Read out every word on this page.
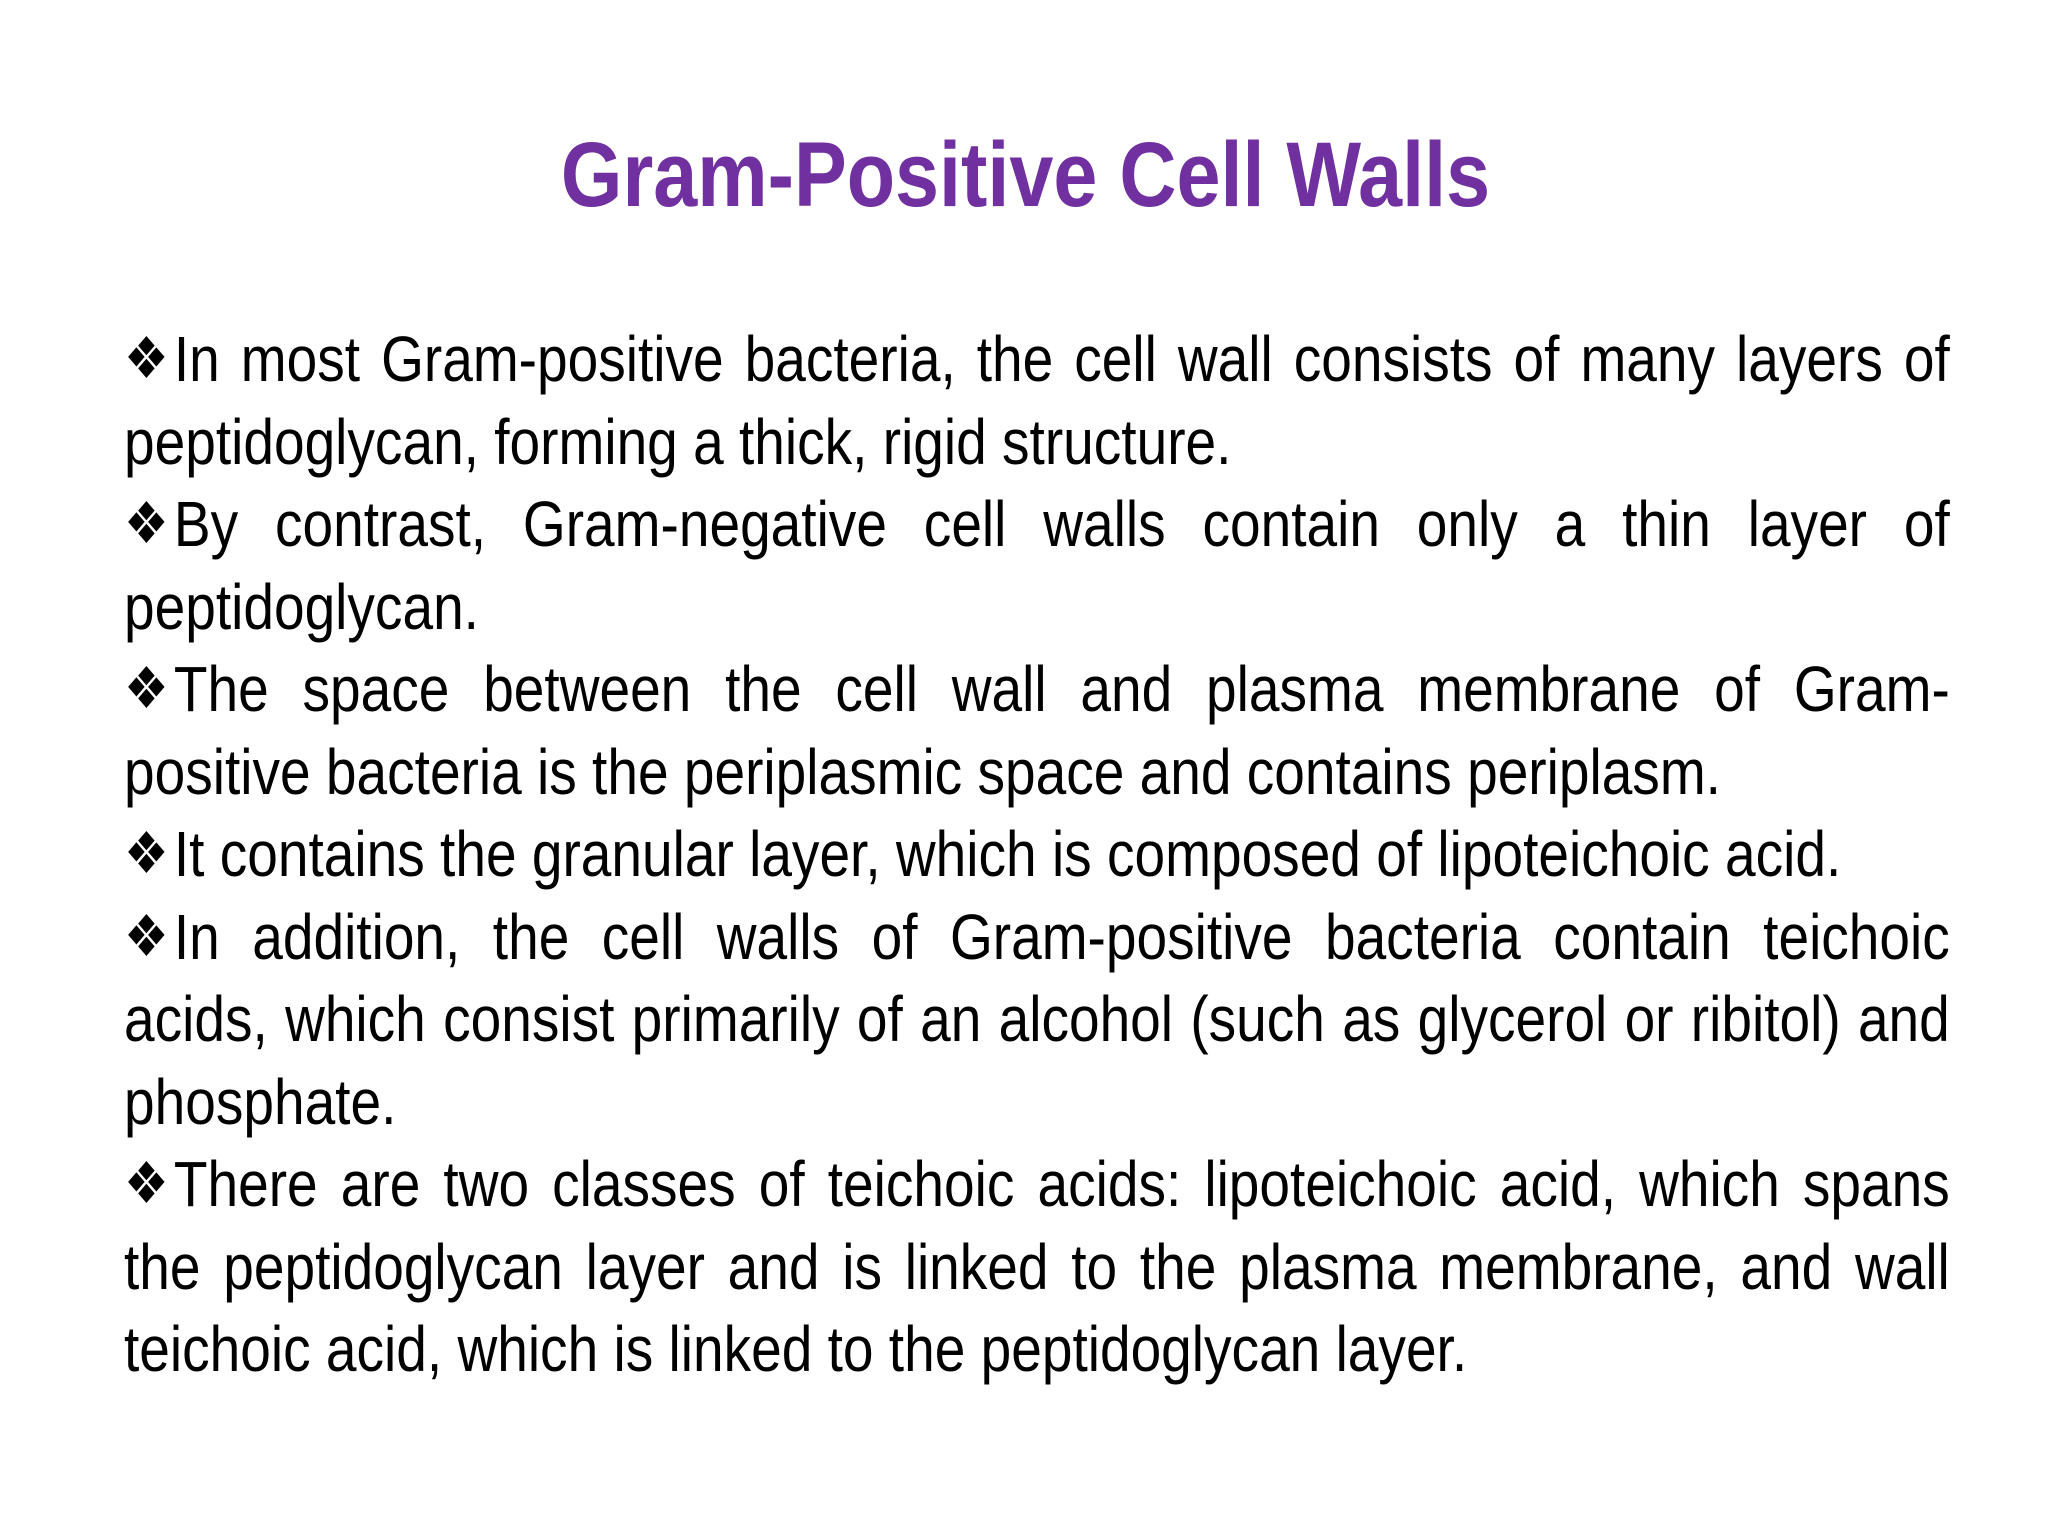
Gram-Positive Cell Walls

❖In most Gram-positive bacteria, the cell wall consists of many layers of peptidoglycan, forming a thick, rigid structure.

❖By contrast, Gram-negative cell walls contain only a thin layer of peptidoglycan.

❖The space between the cell wall and plasma membrane of Gram-positive bacteria is the periplasmic space and contains periplasm.

❖It contains the granular layer, which is composed of lipoteichoic acid.

❖In addition, the cell walls of Gram-positive bacteria contain teichoic acids, which consist primarily of an alcohol (such as glycerol or ribitol) and phosphate.

❖There are two classes of teichoic acids: lipoteichoic acid, which spans the peptidoglycan layer and is linked to the plasma membrane, and wall teichoic acid, which is linked to the peptidoglycan layer.
